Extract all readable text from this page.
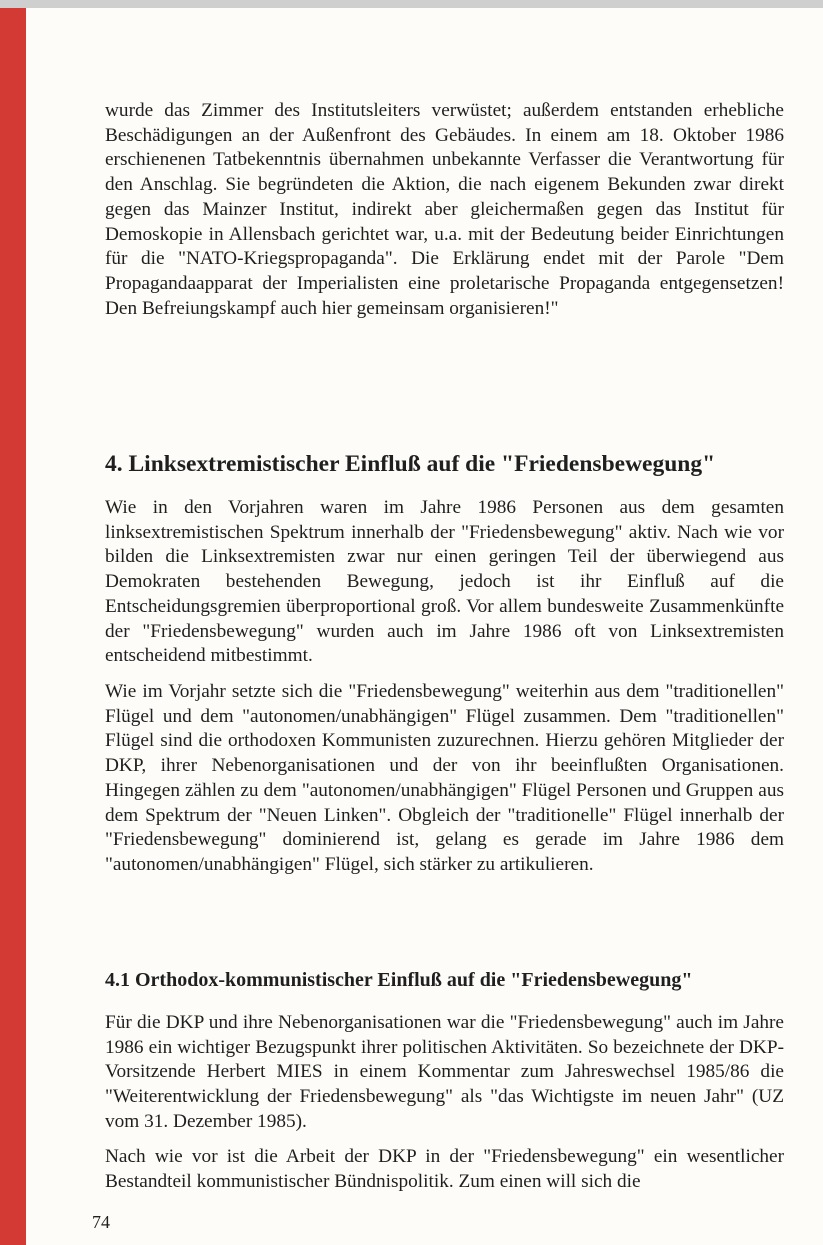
wurde das Zimmer des Institutsleiters verwüstet; außerdem entstanden erhebliche Beschädigungen an der Außenfront des Gebäudes. In einem am 18. Oktober 1986 erschienenen Tatbekenntnis übernahmen unbekannte Verfasser die Verantwortung für den Anschlag. Sie begründeten die Aktion, die nach eigenem Bekunden zwar direkt gegen das Mainzer Institut, indirekt aber gleichermaßen gegen das Institut für Demoskopie in Allensbach gerichtet war, u.a. mit der Bedeutung beider Einrichtungen für die "NATO-Kriegspropaganda". Die Erklärung endet mit der Parole "Dem Propagandaapparat der Imperialisten eine proletarische Propaganda entgegensetzen! Den Befreiungskampf auch hier gemeinsam organisieren!"

4. Linksextremistischer Einfluß auf die "Friedensbewegung"

Wie in den Vorjahren waren im Jahre 1986 Personen aus dem gesamten linksextremistischen Spektrum innerhalb der "Friedensbewegung" aktiv. Nach wie vor bilden die Linksextremisten zwar nur einen geringen Teil der überwiegend aus Demokraten bestehenden Bewegung, jedoch ist ihr Einfluß auf die Entscheidungsgremien überproportional groß. Vor allem bundesweite Zusammenkünfte der "Friedensbewegung" wurden auch im Jahre 1986 oft von Linksextremisten entscheidend mitbestimmt.

Wie im Vorjahr setzte sich die "Friedensbewegung" weiterhin aus dem "traditionellen" Flügel und dem "autonomen/unabhängigen" Flügel zusammen. Dem "traditionellen" Flügel sind die orthodoxen Kommunisten zuzurechnen. Hierzu gehören Mitglieder der DKP, ihrer Nebenorganisationen und der von ihr beeinflußten Organisationen. Hingegen zählen zu dem "autonomen/unabhängigen" Flügel Personen und Gruppen aus dem Spektrum der "Neuen Linken". Obgleich der "traditionelle" Flügel innerhalb der "Friedensbewegung" dominierend ist, gelang es gerade im Jahre 1986 dem "autonomen/unabhängigen" Flügel, sich stärker zu artikulieren.

4.1 Orthodox-kommunistischer Einfluß auf die "Friedensbewegung"

Für die DKP und ihre Nebenorganisationen war die "Friedensbewegung" auch im Jahre 1986 ein wichtiger Bezugspunkt ihrer politischen Aktivitäten. So bezeichnete der DKP-Vorsitzende Herbert MIES in einem Kommentar zum Jahreswechsel 1985/86 die "Weiterentwicklung der Friedensbewegung" als "das Wichtigste im neuen Jahr" (UZ vom 31. Dezember 1985).

Nach wie vor ist die Arbeit der DKP in der "Friedensbewegung" ein wesentlicher Bestandteil kommunistischer Bündnispolitik. Zum einen will sich die

74
